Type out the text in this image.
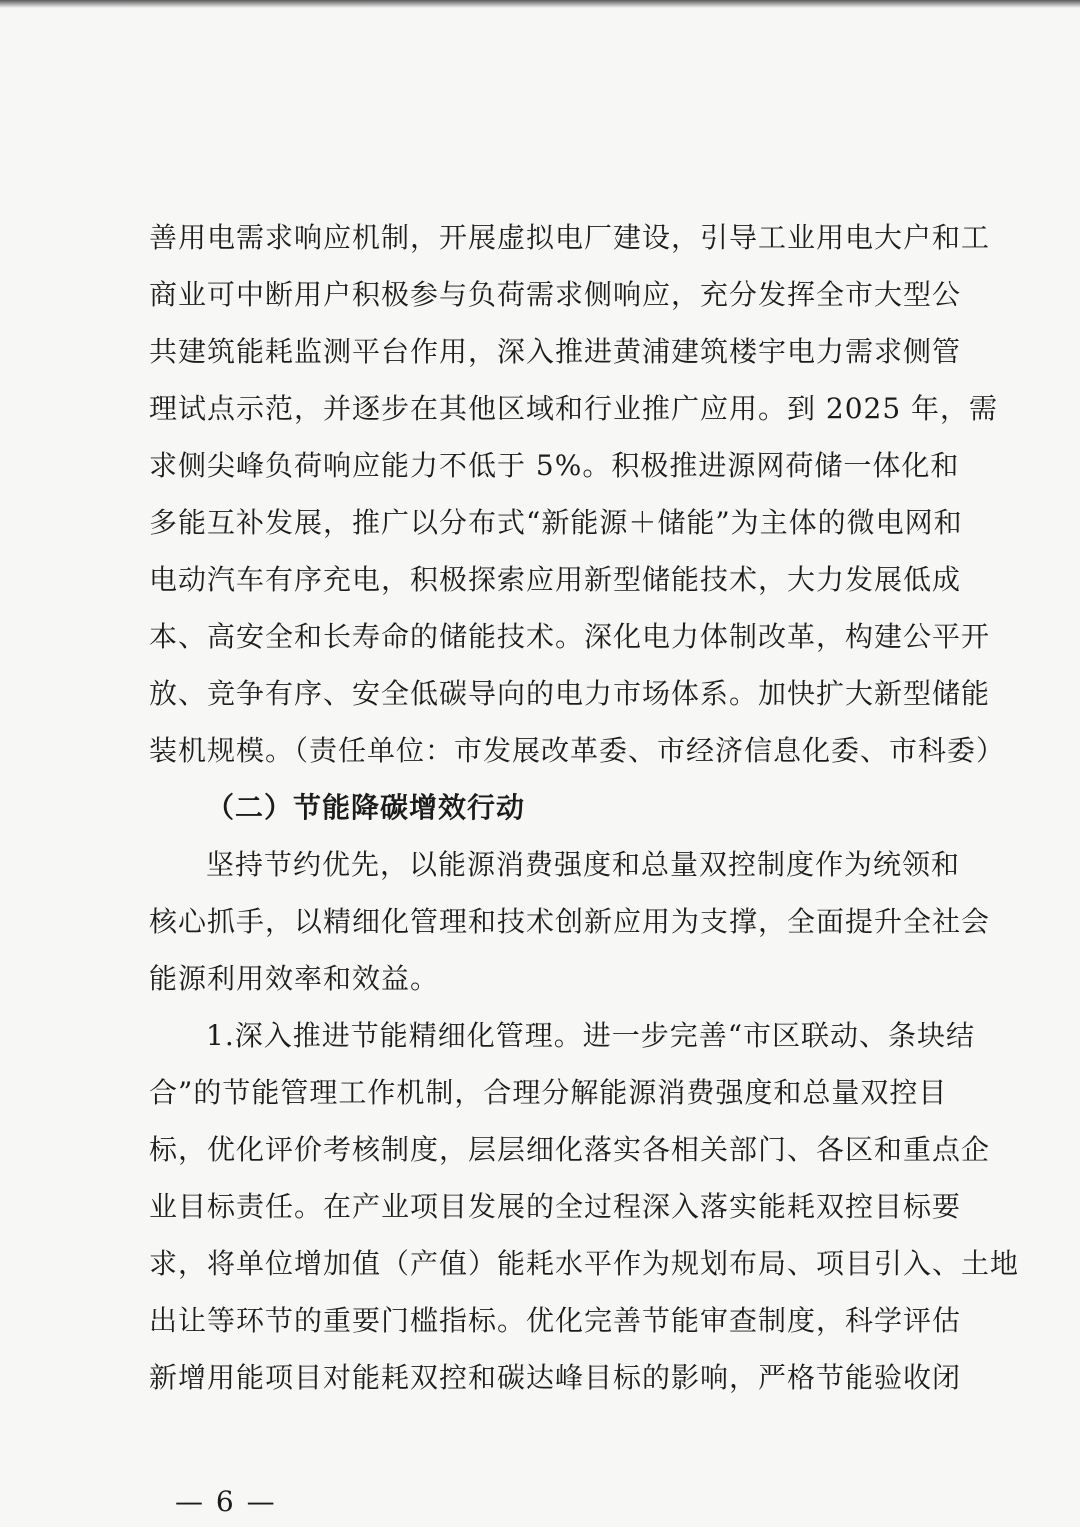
善用电需求响应机制，开展虚拟电厂建设，引导工业用电大户和工
商业可中断用户积极参与负荷需求侧响应，充分发挥全市大型公
共建筑能耗监测平台作用，深入推进黄浦建筑楼宇电力需求侧管
理试点示范，并逐步在其他区域和行业推广应用。到 2025 年，需
求侧尖峰负荷响应能力不低于 5%。积极推进源网荷储一体化和
多能互补发展，推广以分布式“新能源＋储能”为主体的微电网和
电动汽车有序充电，积极探索应用新型储能技术，大力发展低成
本、高安全和长寿命的储能技术。深化电力体制改革，构建公平开
放、竞争有序、安全低碳导向的电力市场体系。加快扩大新型储能
装机规模。（责任单位：市发展改革委、市经济信息化委、市科委）
（二）节能降碳增效行动
坚持节约优先，以能源消费强度和总量双控制度作为统领和
核心抓手，以精细化管理和技术创新应用为支撑，全面提升全社会
能源利用效率和效益。
1.深入推进节能精细化管理。进一步完善“市区联动、条块结
合”的节能管理工作机制，合理分解能源消费强度和总量双控目
标，优化评价考核制度，层层细化落实各相关部门、各区和重点企
业目标责任。在产业项目发展的全过程深入落实能耗双控目标要
求，将单位增加值（产值）能耗水平作为规划布局、项目引入、土地
出让等环节的重要门槛指标。优化完善节能审查制度，科学评估
新增用能项目对能耗双控和碳达峰目标的影响，严格节能验收闭
— 6 —
